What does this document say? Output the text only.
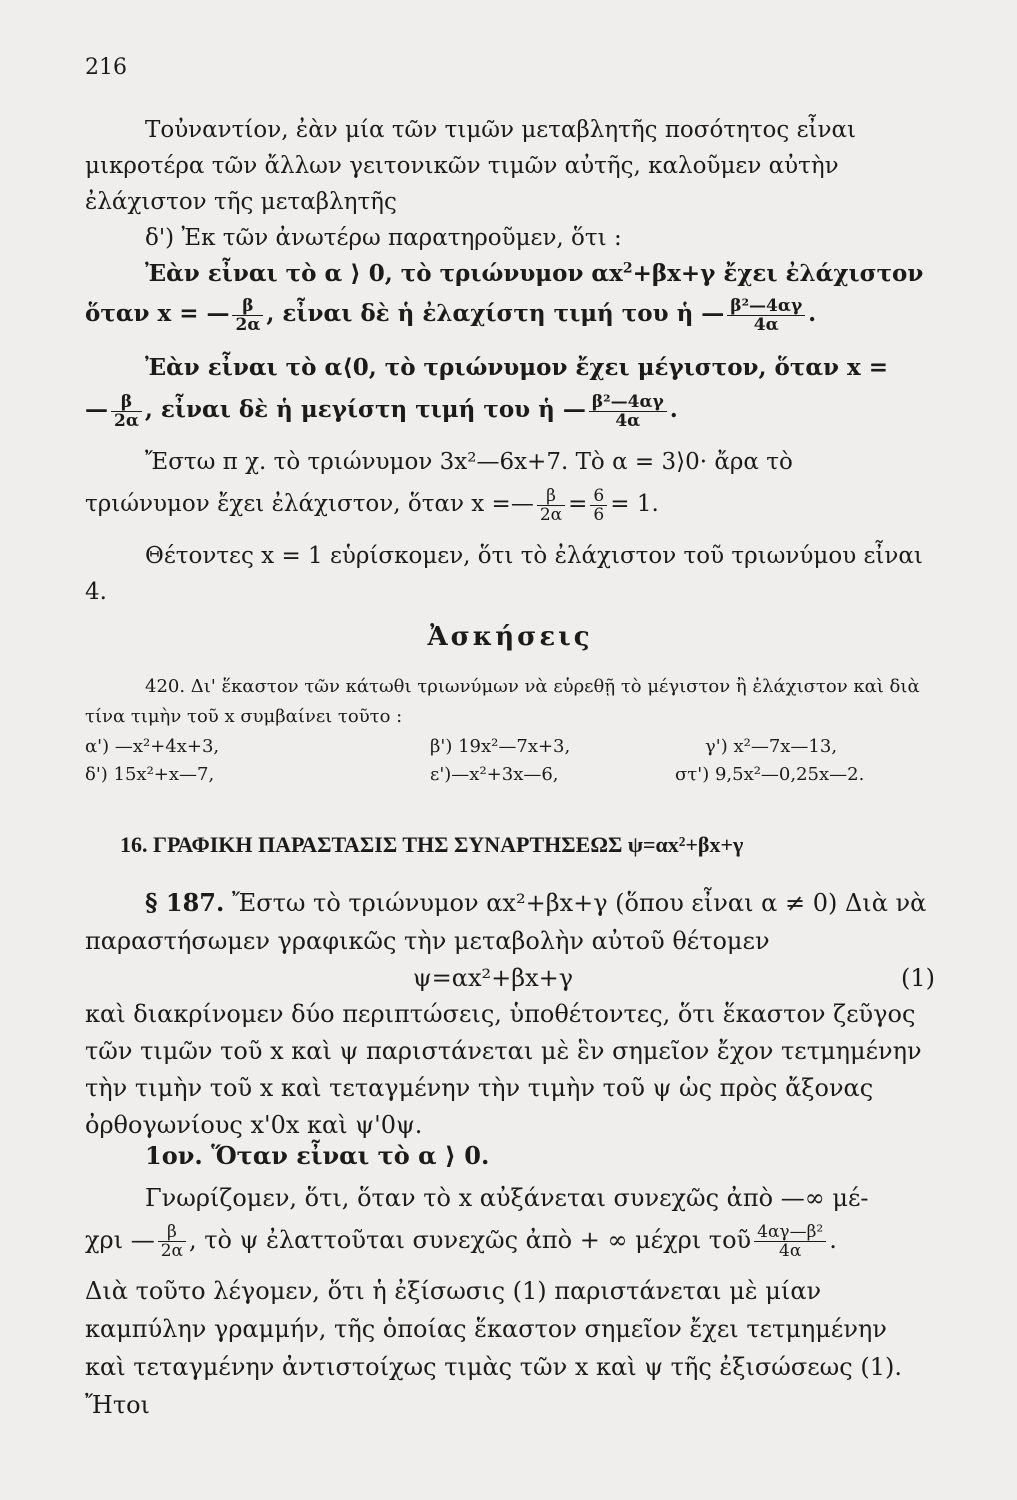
216

Τοὐναντίον, ἐὰν μία τῶν τιμῶν μεταβλητῆς ποσότητος εἶναι μικροτέρα τῶν ἄλλων γειτονικῶν τιμῶν αὐτῆς, καλοῦμεν αὐτὴν ἐλάχιστον τῆς μεταβλητῆς

δ') Ἐκ τῶν ἀνωτέρω παρατηροῦμεν, ὅτι :

Ἐὰν εἶναι τὸ α ⟩ 0, τὸ τριώνυμον $\alpha x^2+\beta x+\gamma$ ἔχει ἐλάχιστον

ὅταν x = — $\frac{\beta}{2\alpha}$ , εἶναι δὲ ἡ ἐλαχίστη τιμή του ἡ — $\frac{\text{β²—4αγ}}{4\alpha}$ .

Ἐὰν εἶναι τὸ α⟨0, τὸ τριώνυμον ἔχει μέγιστον, ὅταν x =

— $\frac{\beta}{2\alpha}$ , εἶναι δὲ ἡ μεγίστη τιμή του ἡ — $\frac{\text{β²—4αγ}}{4\alpha}$ .

Ἔστω π χ. τὸ τριώνυμον 3x²—6x+7. Τὸ α = 3⟩0· ἄρα τὸ

τριώνυμον ἔχει ἐλάχιστον, ὅταν x =— $\frac{\beta}{2\alpha} = \frac{6}{6} = 1$.

Θέτοντες x = 1 εὑρίσκομεν, ὅτι τὸ ἐλάχιστον τοῦ τριωνύμου εἶναι 4.

Ἀσκήσεις

420. Δι' ἕκαστον τῶν κάτωθι τριωνύμων νὰ εὑρεθῇ τὸ μέγιστον ἢ ἐλάχιστον καὶ διὰ τίνα τιμὴν τοῦ x συμβαίνει τοῦτο :

α') —x²+4x+3,	β') 19x²—7x+3,	γ') x²—7x—13,
δ') 15x²+x—7,	ε')—x²+3x—6,	στ') 9,5x²—0,25x—2.
16. ΓΡΑΦΙΚΗ ΠΑΡΑΣΤΑΣΙΣ ΤΗΣ ΣΥΝΑΡΤΗΣΕΩΣ ψ=αx²+βx+γ

§ 187. Ἔστω τὸ τριώνυμον αx²+βx+γ (ὅπου εἶναι α ≠ 0) Διὰ νὰ παραστήσωμεν γραφικῶς τὴν μεταβολὴν αὐτοῦ θέτομεν

ψ=αx²+βx+γ	(1)

καὶ διακρίνομεν δύο περιπτώσεις, ὑποθέτοντες, ὅτι ἕκαστον ζεῦγος τῶν τιμῶν τοῦ x καὶ ψ παριστάνεται μὲ ἓν σημεῖον ἔχον τετμημένην τὴν τιμὴν τοῦ x καὶ τεταγμένην τὴν τιμὴν τοῦ ψ ὡς πρὸς ἄξονας ὀρθογωνίους x'0x καὶ ψ'0ψ.

1ον. Ὅταν εἶναι τὸ α ⟩ 0.

Γνωρίζομεν, ὅτι, ὅταν τὸ x αὐξάνεται συνεχῶς ἀπὸ —∞ μέ-

χρι — $\frac{\beta}{2\alpha}$ , τὸ ψ ἐλαττοῦται συνεχῶς ἀπὸ + ∞ μέχρι τοῦ $\frac{\text{4αγ—β²}}{4\alpha}$ .

Διὰ τοῦτο λέγομεν, ὅτι ἡ ἐξίσωσις (1) παριστάνεται μὲ μίαν καμπύλην γραμμήν, τῆς ὁποίας ἕκαστον σημεῖον ἔχει τετμημένην καὶ τεταγμένην ἀντιστοίχως τιμὰς τῶν x καὶ ψ τῆς ἐξισώσεως (1). Ἤτοι
